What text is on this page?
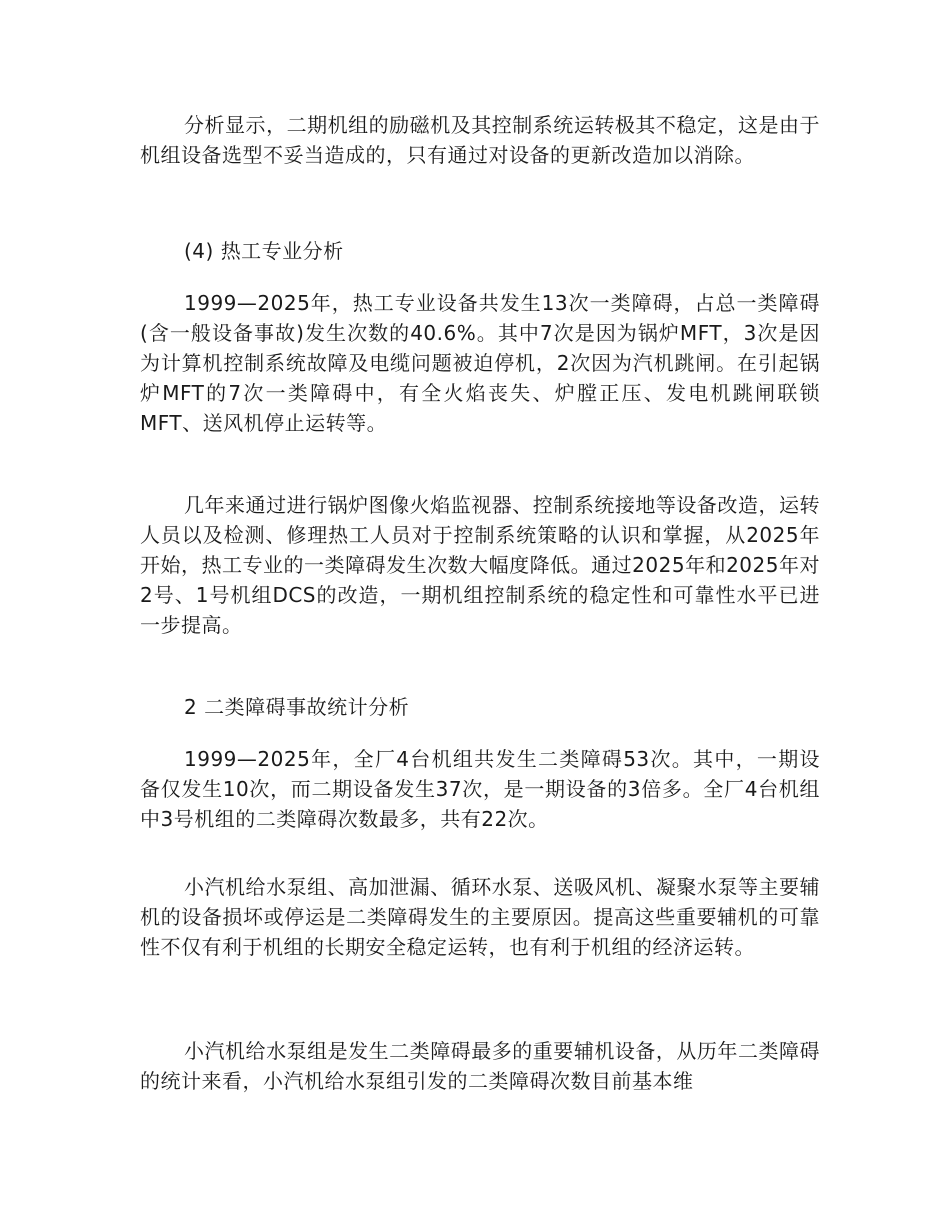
分析显示，二期机组的励磁机及其控制系统运转极其不稳定，这是由于机组设备选型不妥当造成的，只有通过对设备的更新改造加以消除。

(4) 热工专业分析

1999—2025年，热工专业设备共发生13次一类障碍，占总一类障碍(含一般设备事故)发生次数的40.6%。其中7次是因为锅炉MFT，3次是因为计算机控制系统故障及电缆问题被迫停机，2次因为汽机跳闸。在引起锅炉MFT的7次一类障碍中，有全火焰丧失、炉膛正压、发电机跳闸联锁MFT、送风机停止运转等。

几年来通过进行锅炉图像火焰监视器、控制系统接地等设备改造，运转人员以及检测、修理热工人员对于控制系统策略的认识和掌握，从2025年开始，热工专业的一类障碍发生次数大幅度降低。通过2025年和2025年对2号、1号机组DCS的改造，一期机组控制系统的稳定性和可靠性水平已进一步提高。

2 二类障碍事故统计分析

1999—2025年，全厂4台机组共发生二类障碍53次。其中，一期设备仅发生10次，而二期设备发生37次，是一期设备的3倍多。全厂4台机组中3号机组的二类障碍次数最多，共有22次。

小汽机给水泵组、高加泄漏、循环水泵、送吸风机、凝聚水泵等主要辅机的设备损坏或停运是二类障碍发生的主要原因。提高这些重要辅机的可靠性不仅有利于机组的长期安全稳定运转，也有利于机组的经济运转。

小汽机给水泵组是发生二类障碍最多的重要辅机设备，从历年二类障碍的统计来看，小汽机给水泵组引发的二类障碍次数目前基本维
